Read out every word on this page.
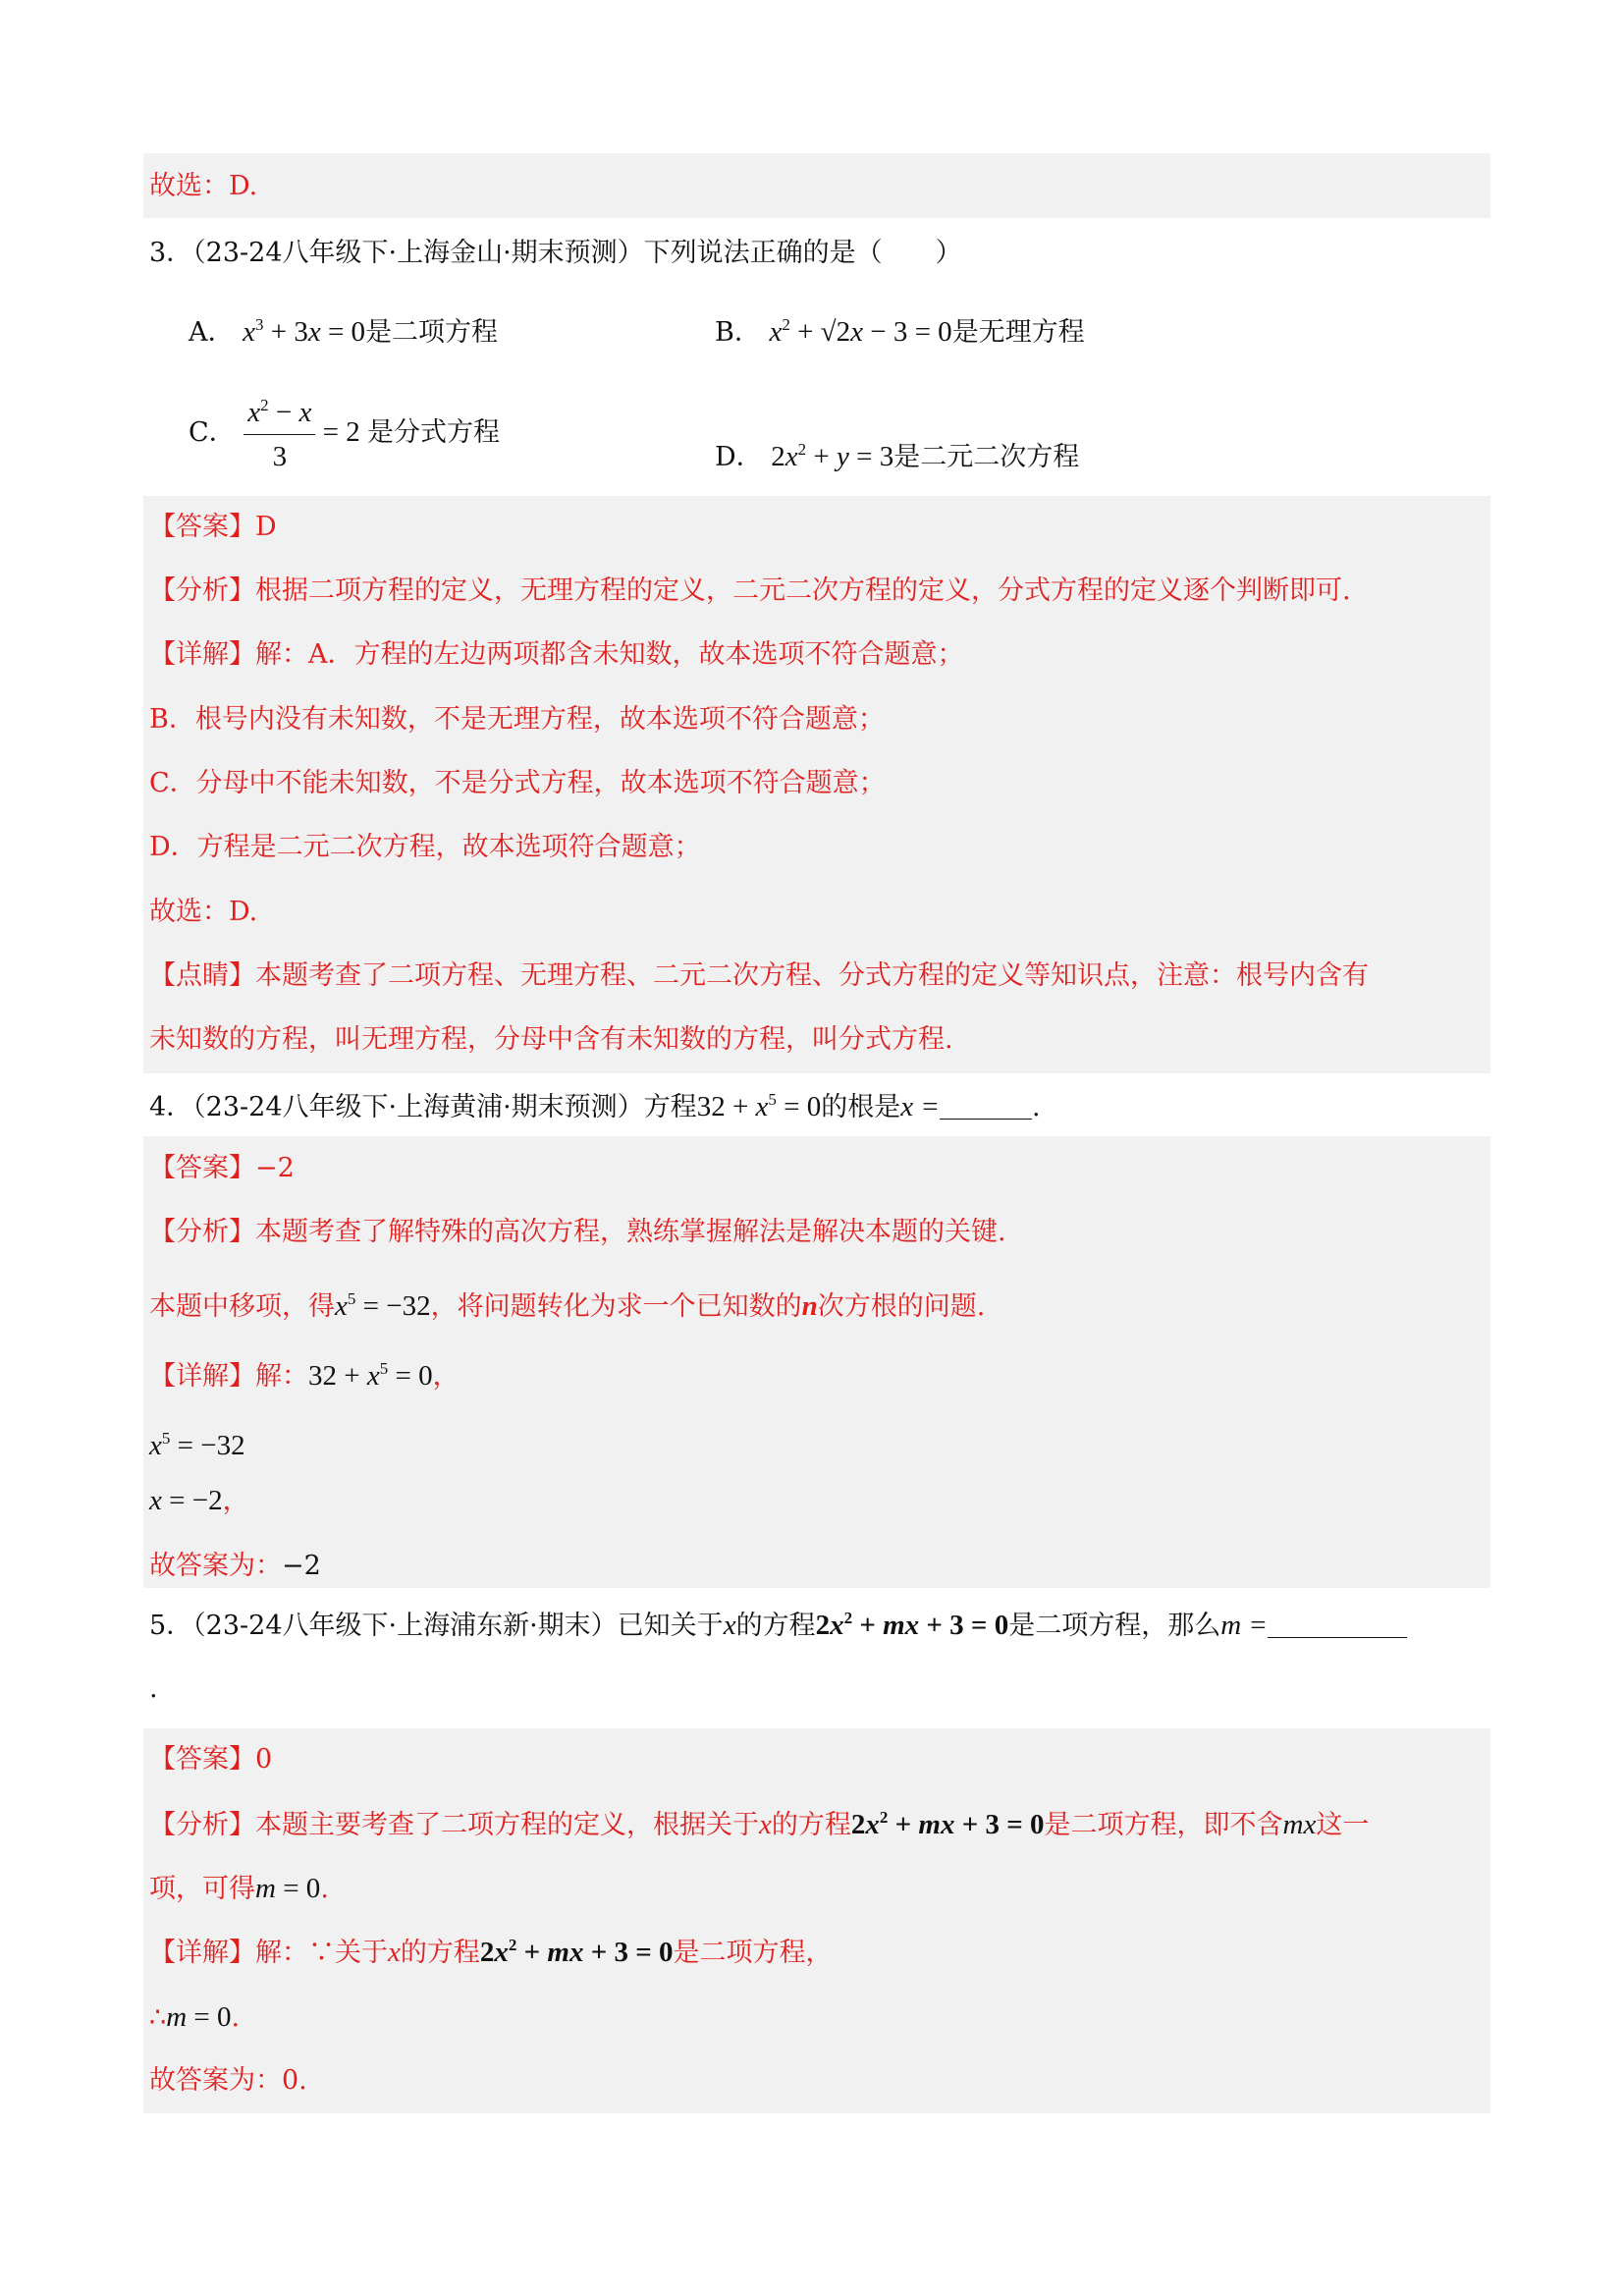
故选：D.
3．（23-24八年级下·上海金山·期末预测）下列说法正确的是（　　）
A． $x^3 + 3x = 0$是二项方程	B． $x^2 + √2x - 3 = 0$是无理方程
C． $\frac{x^2 - x}{3} = 2$ 是分式方程
D． $2x^2 + y = 3$是二元二次方程
【答案】D
【分析】根据二项方程的定义，无理方程的定义，二元二次方程的定义，分式方程的定义逐个判断即可.
【详解】解：A．方程的左边两项都含未知数，故本选项不符合题意；
B．根号内没有未知数，不是无理方程，故本选项不符合题意；
C．分母中不能未知数，不是分式方程，故本选项不符合题意；
D．方程是二元二次方程，故本选项符合题意；
故选：D.
【点睛】本题考查了二项方程、无理方程、二元二次方程、分式方程的定义等知识点，注意：根号内含有
未知数的方程，叫无理方程，分母中含有未知数的方程，叫分式方程.
4．（23-24八年级下·上海黄浦·期末预测）方程$32 + x^5 = 0$的根是x =	.
【答案】−2
【分析】本题考查了解特殊的高次方程，熟练掌握解法是解决本题的关键.
本题中移项，得$x^5 = -32$，将问题转化为求一个已知数的n次方根的问题.
【详解】解：$32 + x^5 = 0$，
$x^5 = -32$
x = −2，
故答案为：−2
5．（23-24八年级下·上海浦东新·期末）已知关于x的方程$2x^2$ + mx + 3 = 0是二项方程，那么m =
.
【答案】0
【分析】本题主要考查了二项方程的定义，根据关于x的方程$2x^2$ + mx + 3 = 0是二项方程，即不含mx这一
项，可得m = 0.
【详解】解：∵关于x的方程$2x^2$ + mx + 3 = 0是二项方程，
∴m = 0.
故答案为：0.
